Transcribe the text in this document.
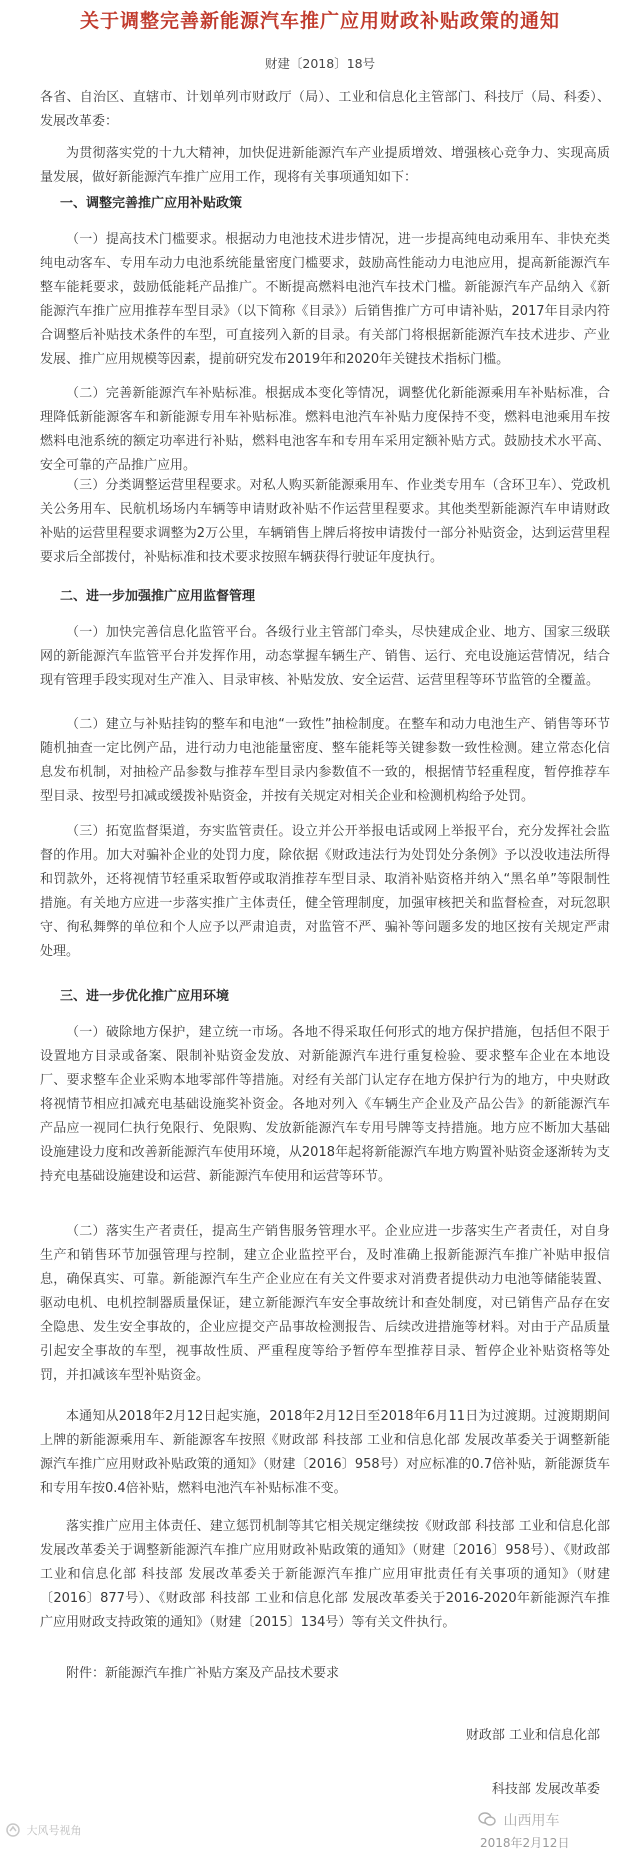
关于调整完善新能源汽车推广应用财政补贴政策的通知
财建〔2018〕18号

各省、自治区、直辖市、计划单列市财政厅（局）、工业和信息化主管部门、科技厅（局、科委）、发展改革委：

为贯彻落实党的十九大精神，加快促进新能源汽车产业提质增效、增强核心竞争力、实现高质量发展，做好新能源汽车推广应用工作，现将有关事项通知如下：

一、调整完善推广应用补贴政策

（一）提高技术门槛要求。根据动力电池技术进步情况，进一步提高纯电动乘用车、非快充类纯电动客车、专用车动力电池系统能量密度门槛要求，鼓励高性能动力电池应用，提高新能源汽车整车能耗要求，鼓励低能耗产品推广。不断提高燃料电池汽车技术门槛。新能源汽车产品纳入《新能源汽车推广应用推荐车型目录》（以下简称《目录》）后销售推广方可申请补贴，2017年目录内符合调整后补贴技术条件的车型，可直接列入新的目录。有关部门将根据新能源汽车技术进步、产业发展、推广应用规模等因素，提前研究发布2019年和2020年关键技术指标门槛。

（二）完善新能源汽车补贴标准。根据成本变化等情况，调整优化新能源乘用车补贴标准，合理降低新能源客车和新能源专用车补贴标准。燃料电池汽车补贴力度保持不变，燃料电池乘用车按燃料电池系统的额定功率进行补贴，燃料电池客车和专用车采用定额补贴方式。鼓励技术水平高、安全可靠的产品推广应用。

（三）分类调整运营里程要求。对私人购买新能源乘用车、作业类专用车（含环卫车）、党政机关公务用车、民航机场场内车辆等申请财政补贴不作运营里程要求。其他类型新能源汽车申请财政补贴的运营里程要求调整为2万公里，车辆销售上牌后将按申请拨付一部分补贴资金，达到运营里程要求后全部拨付，补贴标准和技术要求按照车辆获得行驶证年度执行。

二、进一步加强推广应用监督管理

（一）加快完善信息化监管平台。各级行业主管部门牵头，尽快建成企业、地方、国家三级联网的新能源汽车监管平台并发挥作用，动态掌握车辆生产、销售、运行、充电设施运营情况，结合现有管理手段实现对生产准入、目录审核、补贴发放、安全运营、运营里程等环节监管的全覆盖。

（二）建立与补贴挂钩的整车和电池“一致性”抽检制度。在整车和动力电池生产、销售等环节随机抽查一定比例产品，进行动力电池能量密度、整车能耗等关键参数一致性检测。建立常态化信息发布机制，对抽检产品参数与推荐车型目录内参数值不一致的，根据情节轻重程度，暂停推荐车型目录、按型号扣减或缓拨补贴资金，并按有关规定对相关企业和检测机构给予处罚。

（三）拓宽监督渠道，夯实监管责任。设立并公开举报电话或网上举报平台，充分发挥社会监督的作用。加大对骗补企业的处罚力度，除依据《财政违法行为处罚处分条例》予以没收违法所得和罚款外，还将视情节轻重采取暂停或取消推荐车型目录、取消补贴资格并纳入“黑名单”等限制性措施。有关地方应进一步落实推广主体责任，健全管理制度，加强审核把关和监督检查，对玩忽职守、徇私舞弊的单位和个人应予以严肃追责，对监管不严、骗补等问题多发的地区按有关规定严肃处理。

三、进一步优化推广应用环境

（一）破除地方保护，建立统一市场。各地不得采取任何形式的地方保护措施，包括但不限于设置地方目录或备案、限制补贴资金发放、对新能源汽车进行重复检验、要求整车企业在本地设厂、要求整车企业采购本地零部件等措施。对经有关部门认定存在地方保护行为的地方，中央财政将视情节相应扣减充电基础设施奖补资金。各地对列入《车辆生产企业及产品公告》的新能源汽车产品应一视同仁执行免限行、免限购、发放新能源汽车专用号牌等支持措施。地方应不断加大基础设施建设力度和改善新能源汽车使用环境，从2018年起将新能源汽车地方购置补贴资金逐渐转为支持充电基础设施建设和运营、新能源汽车使用和运营等环节。

（二）落实生产者责任，提高生产销售服务管理水平。企业应进一步落实生产者责任，对自身生产和销售环节加强管理与控制，建立企业监控平台，及时准确上报新能源汽车推广补贴申报信息，确保真实、可靠。新能源汽车生产企业应在有关文件要求对消费者提供动力电池等储能装置、驱动电机、电机控制器质量保证，建立新能源汽车安全事故统计和查处制度，对已销售产品存在安全隐患、发生安全事故的，企业应提交产品事故检测报告、后续改进措施等材料。对由于产品质量引起安全事故的车型，视事故性质、严重程度等给予暂停车型推荐目录、暂停企业补贴资格等处罚，并扣减该车型补贴资金。

本通知从2018年2月12日起实施，2018年2月12日至2018年6月11日为过渡期。过渡期期间上牌的新能源乘用车、新能源客车按照《财政部 科技部 工业和信息化部 发展改革委关于调整新能源汽车推广应用财政补贴政策的通知》（财建〔2016〕958号）对应标准的0.7倍补贴，新能源货车和专用车按0.4倍补贴，燃料电池汽车补贴标准不变。

落实推广应用主体责任、建立惩罚机制等其它相关规定继续按《财政部 科技部 工业和信息化部 发展改革委关于调整新能源汽车推广应用财政补贴政策的通知》（财建〔2016〕958号）、《财政部 工业和信息化部 科技部 发展改革委关于新能源汽车推广应用审批责任有关事项的通知》（财建〔2016〕877号）、《财政部 科技部 工业和信息化部 发展改革委关于2016-2020年新能源汽车推广应用财政支持政策的通知》（财建〔2015〕134号）等有关文件执行。

附件：新能源汽车推广补贴方案及产品技术要求

财政部 工业和信息化部
科技部 发展改革委
2018年2月12日
大风号视角
山西用车
